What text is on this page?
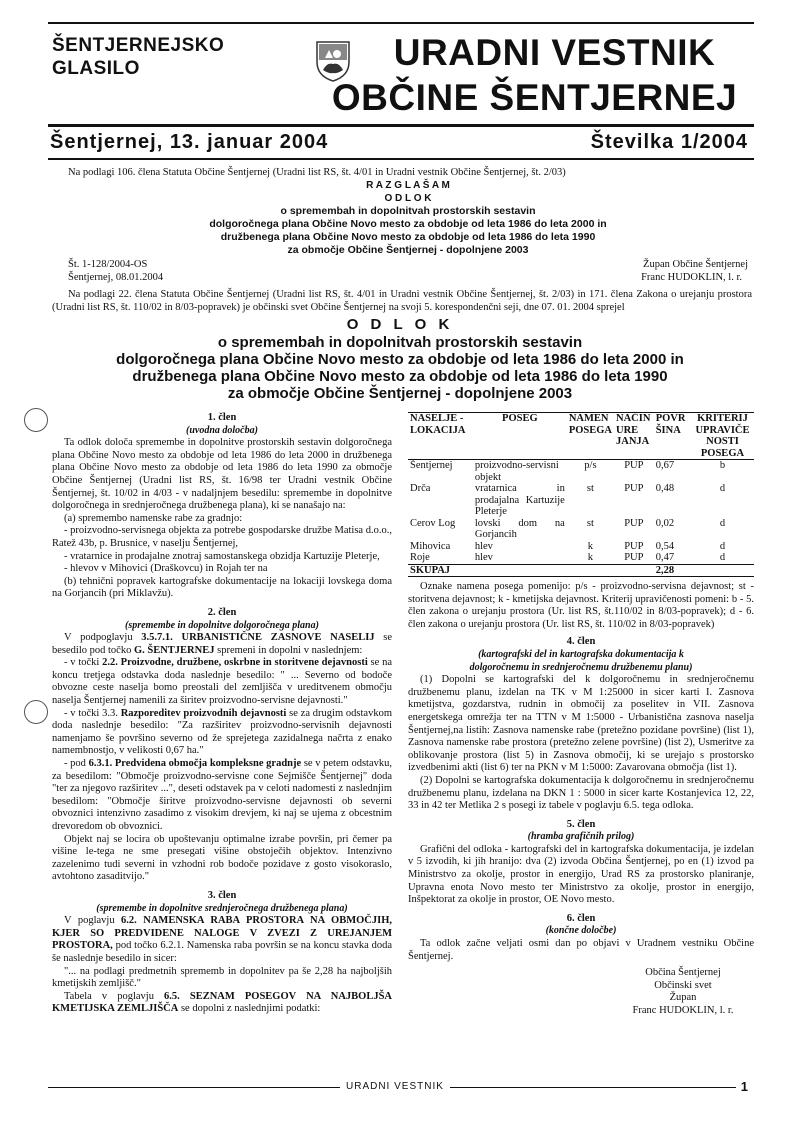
ŠENTJERNEJSKO
GLASILO	URADNI VESTNIK
OBČINE ŠENTJERNEJ
Šentjernej, 13. januar 2004	Številka 1/2004

Na podlagi 106. člena Statuta Občine Šentjernej (Uradni list RS, št. 4/01 in Uradni vestnik Občine Šentjernej, št. 2/03)

R A Z G L A Š A M

O D L O K

o spremembah in dopolnitvah prostorskih sestavin

dolgoročnega plana Občine Novo mesto za obdobje od leta 1986 do leta 2000 in

družbenega plana Občine Novo mesto za obdobje od leta 1986 do leta 1990

za območje Občine Šentjernej - dopolnjene 2003

Št. 1-128/2004-OS
Šentjernej, 08.01.2004
Župan Občine Šentjernej
Franc HUDOKLIN, l. r.
Na podlagi 22. člena Statuta Občine Šentjernej (Uradni list RS, št. 4/01 in Uradni vestnik Občine Šentjernej, št. 2/03) in 171. člena Zakona o urejanju prostora (Uradni list RS, št. 110/02 in 8/03-popravek) je občinski svet Občine Šentjernej na svoji 5. korespondenčni seji, dne 07. 01. 2004 sprejel
O D L O K
o spremembah in dopolnitvah prostorskih sestavin
dolgoročnega plana Občine Novo mesto za obdobje od leta 1986 do leta 2000 in
družbenega plana Občine Novo mesto za obdobje od leta 1986 do leta 1990
za območje Občine Šentjernej - dopolnjene 2003

1. člen

(uvodna določba)

Ta odlok določa spremembe in dopolnitve prostorskih sestavin dolgoročnega plana Občine Novo mesto za obdobje od leta 1986 do leta 2000 in družbenega plana Občine Novo mesto za obdobje od leta 1986 do leta 1990 za območje Občine Šentjernej (Uradni list RS, št. 16/98 ter Uradni vestnik Občine Šentjernej, št. 10/02 in 4/03 - v nadaljnjem besedilu: spremembe in dopolnitve dolgoročnega in srednjeročnega družbenega plana), ki se nanašajo na:

(a) spremembo namenske rabe za gradnjo:

- proizvodno-servisnega objekta za potrebe gospodarske družbe Matisa d.o.o., Ratež 43b, p. Brusnice, v naselju Šentjernej,

- vratarnice in prodajalne znotraj samostanskega obzidja Kartuzije Pleterje,

- hlevov v Mihovici (Draškovcu) in Rojah ter na

(b) tehnični popravek kartografske dokumentacije na lokaciji lovskega doma na Gorjancih (pri Miklavžu).

2. člen

(spremembe in dopolnitve dolgoročnega plana)

V podpoglavju 3.5.7.1. URBANISTIČNE ZASNOVE NASELIJ se besedilo pod točko G. ŠENTJERNEJ spremeni in dopolni v naslednjem:

- v točki 2.2. Proizvodne, družbene, oskrbne in storitvene dejavnosti se na koncu tretjega odstavka doda naslednje besedilo: " ... Severno od bodoče obvozne ceste naselja bomo preostali del zemljišča v ureditvenem območju naselja Šentjernej namenili za širitev proizvodno-servisne dejavnosti."

- v točki 3.3. Razporeditev proizvodnih dejavnosti se za drugim odstavkom doda naslednje besedilo: "Za razširitev proizvodno-servisnih dejavnosti namenjamo še površino severno od že sprejetega zazidalnega načrta z enako namembnostjo, v velikosti 0,67 ha."

- pod 6.3.1. Predvidena območja kompleksne gradnje se v petem odstavku, za besedilom: "Območje proizvodno-servisne cone Sejmišče Šentjernej" doda "ter za njegovo razširitev ...", deseti odstavek pa v celoti nadomesti z naslednjim besedilom: "Območje širitve proizvodno-servisne dejavnosti ob severni obvoznici intenzivno zasadimo z visokim drevjem, ki naj se ujema z obcestnim drevoredom ob obvoznici.

Objekt naj se locira ob upoštevanju optimalne izrabe površin, pri čemer pa višine le-tega ne sme presegati višine obstoječih objektov. Intenzivno zazelenimo tudi severni in vzhodni rob bodoče pozidave z gosto visokoraslo, avtohtono zasaditvijo."

3. člen

(spremembe in dopolnitve srednjeročnega družbenega plana)

V poglavju 6.2. NAMENSKA RABA PROSTORA NA OBMOČJIH, KJER SO PREDVIDENE NALOGE V ZVEZI Z UREJANJEM PROSTORA, pod točko 6.2.1. Namenska raba površin se na koncu stavka doda še naslednje besedilo in sicer:

"... na podlagi predmetnih sprememb in dopolnitev pa še 2,28 ha najboljših kmetijskih zemljišč."

Tabela v poglavju 6.5. SEZNAM POSEGOV NA NAJBOLJŠA KMETIJSKA ZEMLJIŠČA se dopolni z naslednjimi podatki:

NASELJE - LOKACIJA	POSEG	NAMEN POSEGA	NAČIN URE JANJA	POVR ŠINA	KRITERIJ UPRAVIČE NOSTI POSEGA
Šentjernej	proizvodno-servisni objekt	p/s	PUP	0,67	b
Drča	vratarnica in prodajalna Kartuzije Pleterje	st	PUP	0,48	d
Cerov Log	lovski dom na Gorjancih	st	PUP	0,02	d
Mihovica	hlev	k	PUP	0,54	d
Roje	hlev	k	PUP	0,47	d
SKUPAJ				2,28	

Oznake namena posega pomenijo: p/s - proizvodno-servisna dejavnost; st - storitvena dejavnost; k - kmetijska dejavnost. Kriterij upravičenosti pomeni: b - 5. člen zakona o urejanju prostora (Ur. list RS, št.110/02 in 8/03-popravek); d - 6. člen zakona o urejanju prostora (Ur. list RS, št. 110/02 in 8/03-popravek)

4. člen

(kartografski del in kartografska dokumentacija k

dolgoročnemu in srednjeročnemu družbenemu planu)

(1) Dopolni se kartografski del k dolgoročnemu in srednjeročnemu družbenemu planu, izdelan na TK v M 1:25000 in sicer karti I. Zasnova kmetijstva, gozdarstva, rudnin in območij za poselitev in VII. Zasnova energetskega omrežja ter na TTN v M 1:5000 - Urbanistična zasnova naselja Šentjernej,na listih: Zasnova namenske rabe (pretežno pozidane površine) (list 1), Zasnova namenske rabe prostora (pretežno zelene površine) (list 2), Usmeritve za oblikovanje prostora (list 5) in Zasnova območij, ki se urejajo s prostorsko izvedbenimi akti (list 6) ter na PKN v M 1:5000: Zavarovana območja (list 1).

(2) Dopolni se kartografska dokumentacija k dolgoročnemu in srednjeročnemu družbenemu planu, izdelana na DKN 1 : 5000 in sicer karte Kostanjevica 12, 22, 33 in 42 ter Metlika 2 s posegi iz tabele v poglavju 6.5. tega odloka.

5. člen

(hramba grafičnih prilog)

Grafični del odloka - kartografski del in kartografska dokumentacija, je izdelan v 5 izvodih, ki jih hranijo: dva (2) izvoda Občina Šentjernej, po en (1) izvod pa Ministrstvo za okolje, prostor in energijo, Urad RS za prostorsko planiranje, Upravna enota Novo mesto ter Ministrstvo za okolje, prostor in energijo, Inšpektorat za okolje in prostor, OE Novo mesto.

6. člen

(končne določbe)

Ta odlok začne veljati osmi dan po objavi v Uradnem vestniku Občine Šentjernej.

Občina Šentjernej
Občinski svet
Župan
Franc HUDOKLIN, l. r.
URADNI VESTNIK	1
